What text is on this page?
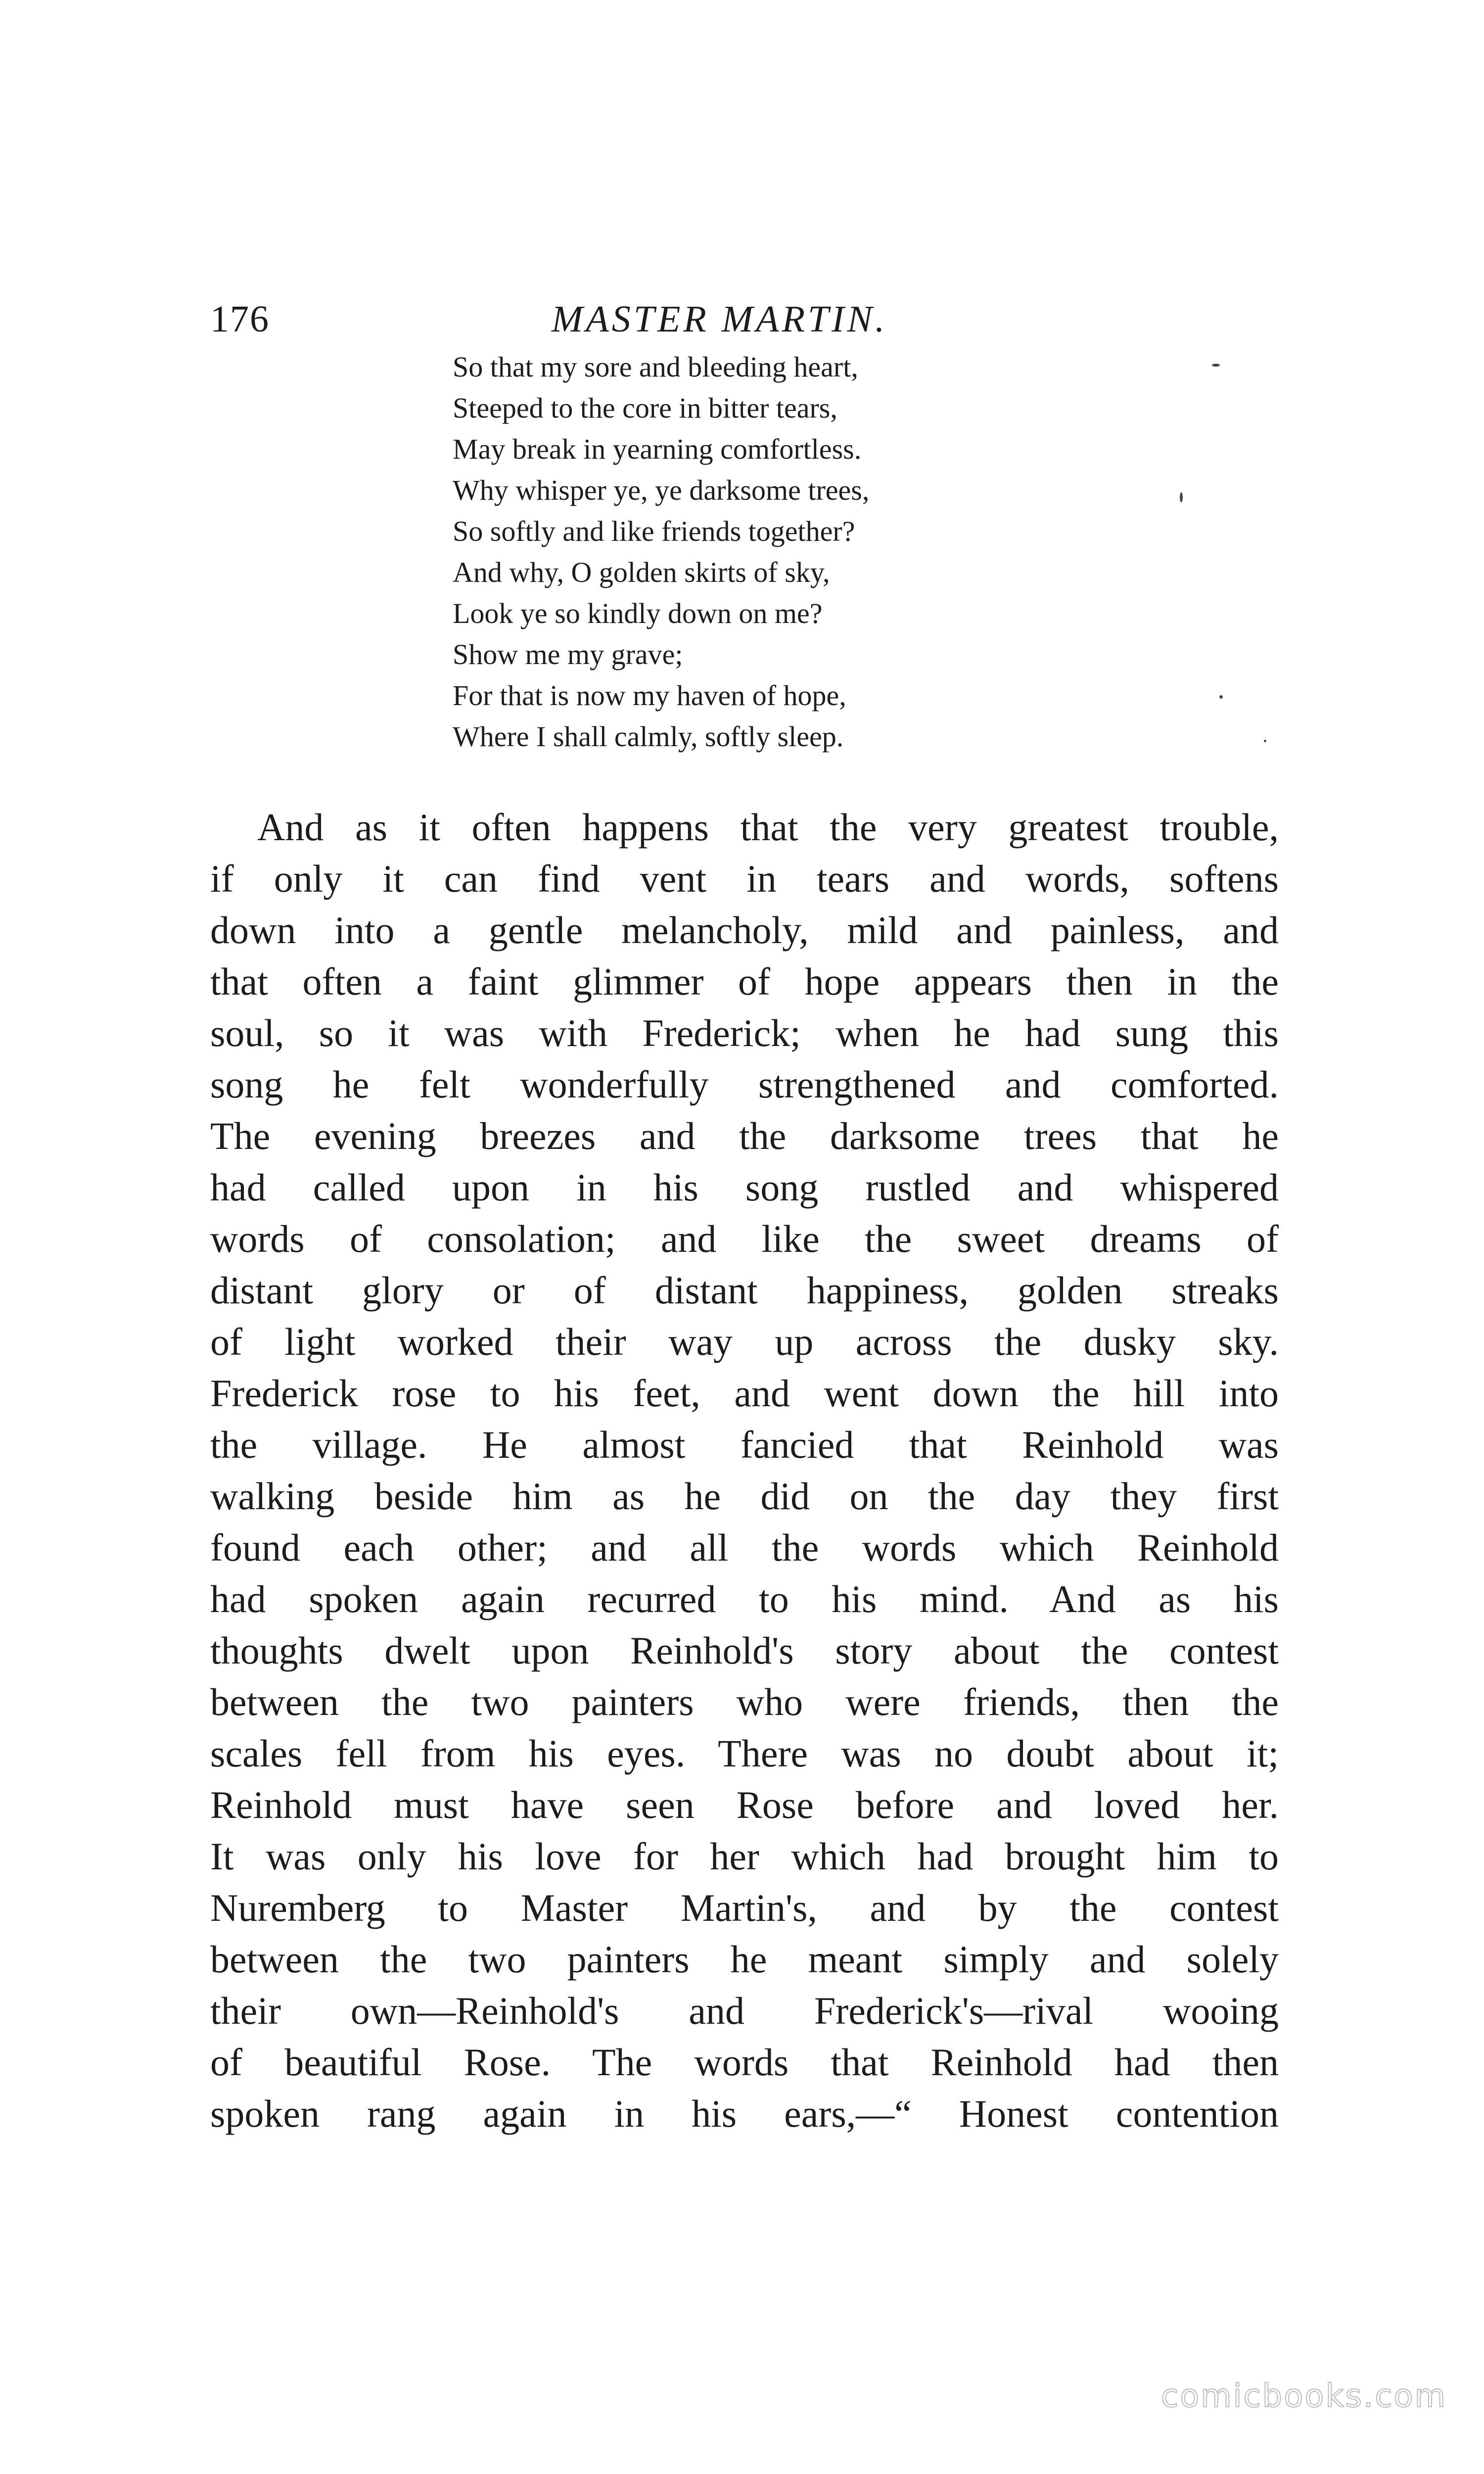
176	MASTER MARTIN.
So that my sore and bleeding heart,
Steeped to the core in bitter tears,
May break in yearning comfortless.
Why whisper ye, ye darksome trees,
So softly and like friends together?
And why, O golden skirts of sky,
Look ye so kindly down on me?
Show me my grave;
For that is now my haven of hope,
Where I shall calmly, softly sleep.
And as it often happens that the very greatest trouble,
if only it can find vent in tears and words, softens
down into a gentle melancholy, mild and painless, and
that often a faint glimmer of hope appears then in the
soul, so it was with Frederick; when he had sung this
song he felt wonderfully strengthened and comforted.
The evening breezes and the darksome trees that he
had called upon in his song rustled and whispered
words of consolation; and like the sweet dreams of
distant glory or of distant happiness, golden streaks
of light worked their way up across the dusky sky.
Frederick rose to his feet, and went down the hill into
the village. He almost fancied that Reinhold was
walking beside him as he did on the day they first
found each other; and all the words which Reinhold
had spoken again recurred to his mind. And as his
thoughts dwelt upon Reinhold's story about the contest
between the two painters who were friends, then the
scales fell from his eyes. There was no doubt about it;
Reinhold must have seen Rose before and loved her.
It was only his love for her which had brought him to
Nuremberg to Master Martin's, and by the contest
between the two painters he meant simply and solely
their own—Reinhold's and Frederick's—rival wooing
of beautiful Rose. The words that Reinhold had then
spoken rang again in his ears,—“ Honest contention
comicbooks.com
